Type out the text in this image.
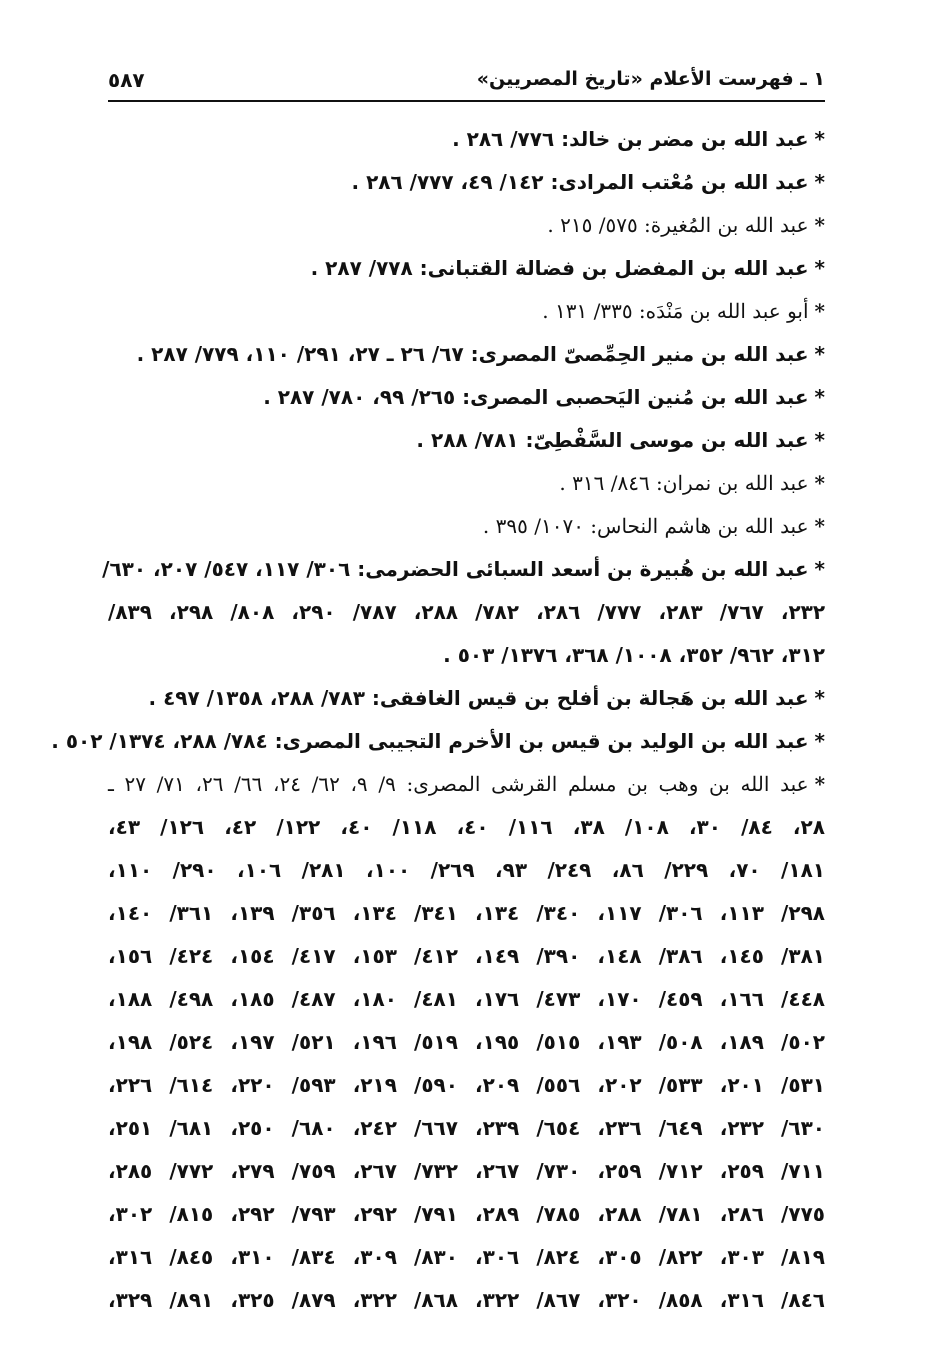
١ ـ فهرست الأعلام «تاريخ المصريين»
٥٨٧
*عبد الله بن مضر بن خالد: ٧٧٦/ ٢٨٦ .
*عبد الله بن مُعْتب المرادى: ١٤٢/ ٤٩، ٧٧٧/ ٢٨٦ .
*عبد الله بن المُغيرة: ٥٧٥/ ٢١٥ .
*عبد الله بن المفضل بن فضالة القتبانى: ٧٧٨/ ٢٨٧ .
*أبو عبد الله بن مَنْدَه: ٣٣٥/ ١٣١ .
*عبد الله بن منير الحِمِّصىّ المصرى: ٦٧/ ٢٦ ـ ٢٧، ٢٩١/ ١١٠، ٧٧٩/ ٢٨٧ .
*عبد الله بن مُنين اليَحصبى المصرى: ٢٦٥/ ٩٩، ٧٨٠/ ٢٨٧ .
*عبد الله بن موسى السَّفْطِىّ: ٧٨١/ ٢٨٨ .
*عبد الله بن نمران: ٨٤٦/ ٣١٦ .
*عبد الله بن هاشم النحاس: ١٠٧٠/ ٣٩٥ .
*عبد الله بن هُبيرة بن أسعد السبائى الحضرمى: ٣٠٦/ ١١٧، ٥٤٧/ ٢٠٧، ٦٣٠/
٢٣٢، ٧٦٧/ ٢٨٣، ٧٧٧/ ٢٨٦، ٧٨٢/ ٢٨٨، ٧٨٧/ ٢٩٠، ٨٠٨/ ٢٩٨، ٨٣٩/
٣١٢، ٩٦٢/ ٣٥٢، ١٠٠٨/ ٣٦٨، ١٣٧٦/ ٥٠٣ .
*عبد الله بن هَجالة بن أفلح بن قيس الغافقى: ٧٨٣/ ٢٨٨، ١٣٥٨/ ٤٩٧ .
*عبد الله بن الوليد بن قيس بن الأخرم التجيبى المصرى: ٧٨٤/ ٢٨٨، ١٣٧٤/ ٥٠٢ .
*عبد الله بن وهب بن مسلم القرشى المصرى: ٩/ ٩، ٦٢/ ٢٤، ٦٦/ ٢٦، ٧١/ ٢٧ ـ
٢٨، ٨٤/ ٣٠، ١٠٨/ ٣٨، ١١٦/ ٤٠، ١١٨/ ٤٠، ١٢٢/ ٤٢، ١٢٦/ ٤٣،
١٨١/ ٧٠، ٢٢٩/ ٨٦، ٢٤٩/ ٩٣، ٢٦٩/ ١٠٠، ٢٨١/ ١٠٦، ٢٩٠/ ١١٠،
٢٩٨/ ١١٣، ٣٠٦/ ١١٧، ٣٤٠/ ١٣٤، ٣٤١/ ١٣٤، ٣٥٦/ ١٣٩، ٣٦١/ ١٤٠،
٣٨١/ ١٤٥، ٣٨٦/ ١٤٨، ٣٩٠/ ١٤٩، ٤١٢/ ١٥٣، ٤١٧/ ١٥٤، ٤٢٤/ ١٥٦،
٤٤٨/ ١٦٦، ٤٥٩/ ١٧٠، ٤٧٣/ ١٧٦، ٤٨١/ ١٨٠، ٤٨٧/ ١٨٥، ٤٩٨/ ١٨٨،
٥٠٢/ ١٨٩، ٥٠٨/ ١٩٣، ٥١٥/ ١٩٥، ٥١٩/ ١٩٦، ٥٢١/ ١٩٧، ٥٢٤/ ١٩٨،
٥٣١/ ٢٠١، ٥٣٣/ ٢٠٢، ٥٥٦/ ٢٠٩، ٥٩٠/ ٢١٩، ٥٩٣/ ٢٢٠، ٦١٤/ ٢٢٦،
٦٣٠/ ٢٣٢، ٦٤٩/ ٢٣٦، ٦٥٤/ ٢٣٩، ٦٦٧/ ٢٤٢، ٦٨٠/ ٢٥٠، ٦٨١/ ٢٥١،
٧١١/ ٢٥٩، ٧١٢/ ٢٥٩، ٧٣٠/ ٢٦٧، ٧٣٢/ ٢٦٧، ٧٥٩/ ٢٧٩، ٧٧٢/ ٢٨٥،
٧٧٥/ ٢٨٦، ٧٨١/ ٢٨٨، ٧٨٥/ ٢٨٩، ٧٩١/ ٢٩٢، ٧٩٣/ ٢٩٢، ٨١٥/ ٣٠٢،
٨١٩/ ٣٠٣، ٨٢٢/ ٣٠٥، ٨٢٤/ ٣٠٦، ٨٣٠/ ٣٠٩، ٨٣٤/ ٣١٠، ٨٤٥/ ٣١٦،
٨٤٦/ ٣١٦، ٨٥٨/ ٣٢٠، ٨٦٧/ ٣٢٢، ٨٦٨/ ٣٢٢، ٨٧٩/ ٣٢٥، ٨٩١/ ٣٢٩،
